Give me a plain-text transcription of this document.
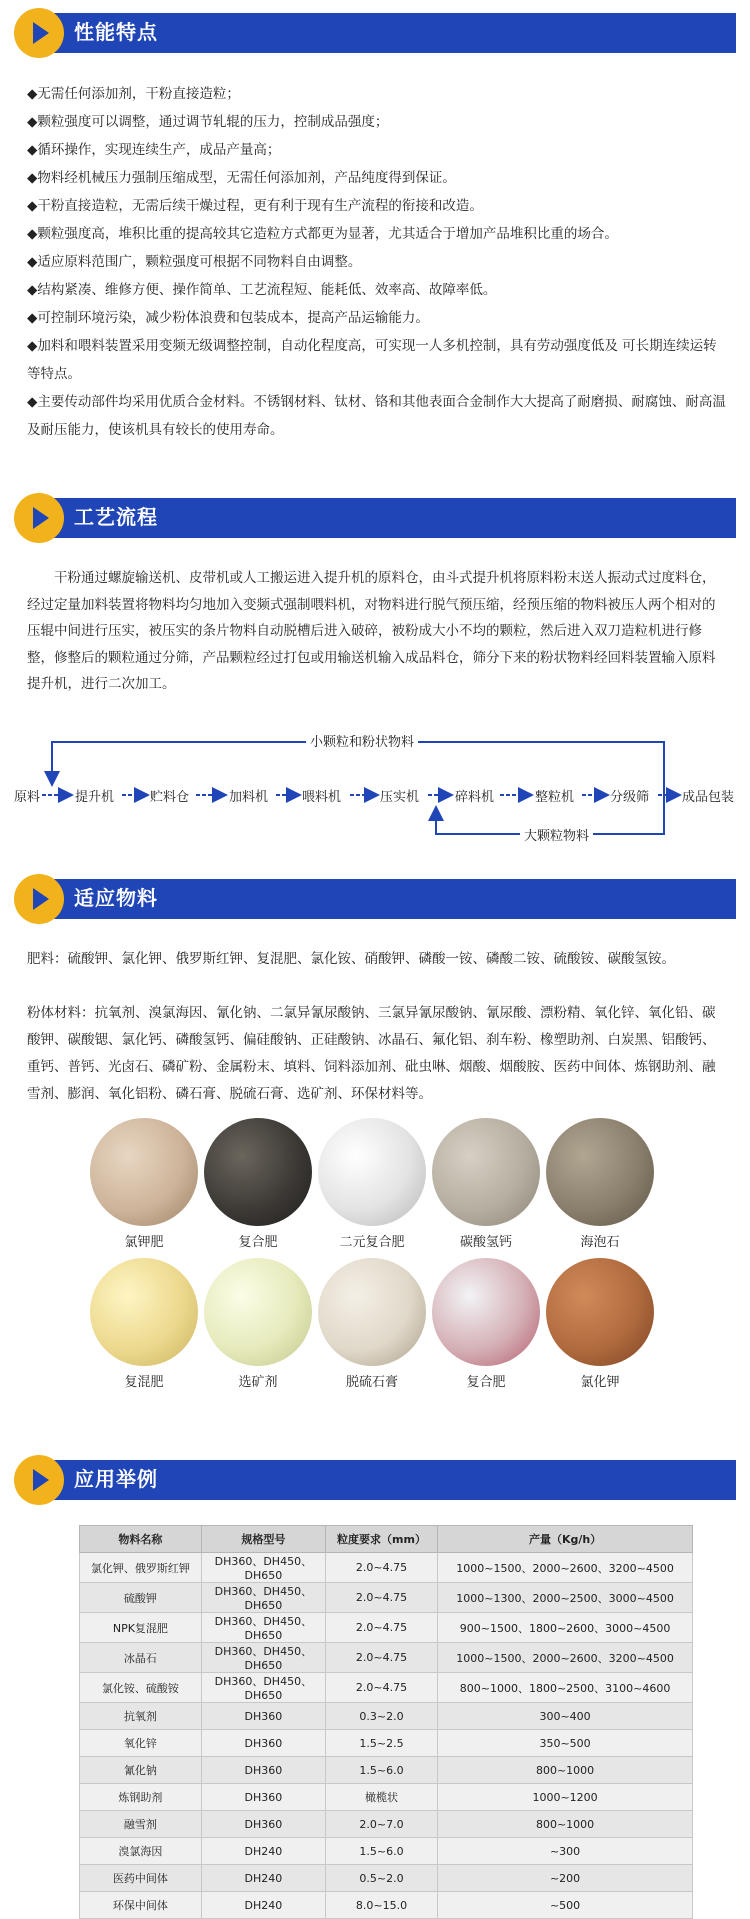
性能特点

◆无需任何添加剂，干粉直接造粒；

◆颗粒强度可以调整，通过调节轧辊的压力，控制成品强度；

◆循环操作，实现连续生产，成品产量高；

◆物料经机械压力强制压缩成型，无需任何添加剂，产品纯度得到保证。

◆干粉直接造粒，无需后续干燥过程，更有利于现有生产流程的衔接和改造。

◆颗粒强度高，堆积比重的提高较其它造粒方式都更为显著，尤其适合于增加产品堆积比重的场合。

◆适应原料范围广，颗粒强度可根据不同物料自由调整。

◆结构紧凑、维修方便、操作简单、工艺流程短、能耗低、效率高、故障率低。

◆可控制环境污染，减少粉体浪费和包装成本，提高产品运输能力。

◆加料和喂料装置采用变频无级调整控制，自动化程度高，可实现一人多机控制，具有劳动强度低及 可长期连续运转等特点。

◆主要传动部件均采用优质合金材料。不锈钢材料、钛材、铬和其他表面合金制作大大提高了耐磨损、耐腐蚀、耐高温及耐压能力，使该机具有较长的使用寿命。

工艺流程

干粉通过螺旋输送机、皮带机或人工搬运进入提升机的原料仓，由斗式提升机将原料粉末送人振动式过度料仓，经过定量加料装置将物料均匀地加入变频式强制喂料机，对物料进行脱气预压缩，经预压缩的物料被压人两个相对的压辊中间进行压实，被压实的条片物料自动脱槽后进入破碎，被粉成大小不均的颗粒，然后进入双刀造粒机进行修整，修整后的颗粒通过分筛，产品颗粒经过打包或用输送机输入成品料仓，筛分下来的粉状物料经回料装置输入原料提升机，进行二次加工。

小颗粒和粉状物料
大颗粒物料
原料	提升机	贮料仓	加料机	喂料机	压实机	碎料机	整粒机	分级筛	成品包装
适应物料

肥料：硫酸钾、氯化钾、俄罗斯红钾、复混肥、氯化铵、硝酸钾、磷酸一铵、磷酸二铵、硫酸铵、碳酸氢铵。

粉体材料：抗氧剂、溴氯海因、氰化钠、二氯异氰尿酸钠、三氯异氰尿酸钠、氰尿酸、漂粉精、氧化锌、氧化铅、碳酸钾、碳酸锶、氯化钙、磷酸氢钙、偏硅酸钠、正硅酸钠、冰晶石、氟化铝、刹车粉、橡塑助剂、白炭黑、铝酸钙、重钙、普钙、光卤石、磷矿粉、金属粉末、填料、饲料添加剂、砒虫啉、烟酸、烟酸胺、医药中间体、炼钢助剂、融雪剂、膨润、氧化铝粉、磷石膏、脱硫石膏、选矿剂、环保材料等。

氯钾肥	复合肥	二元复合肥	碳酸氢钙	海泡石
复混肥	选矿剂	脱硫石膏	复合肥	氯化钾
应用举例
物料名称	规格型号	粒度要求（mm）	产量（Kg/h）
氯化钾、俄罗斯红钾	DH360、DH450、DH650	2.0~4.75	1000~1500、2000~2600、3200~4500
硫酸钾	DH360、DH450、DH650	2.0~4.75	1000~1300、2000~2500、3000~4500
NPK复混肥	DH360、DH450、DH650	2.0~4.75	900~1500、1800~2600、3000~4500
冰晶石	DH360、DH450、DH650	2.0~4.75	1000~1500、2000~2600、3200~4500
氯化铵、硫酸铵	DH360、DH450、DH650	2.0~4.75	800~1000、1800~2500、3100~4600
抗氧剂	DH360	0.3~2.0	300~400
氧化锌	DH360	1.5~2.5	350~500
氰化钠	DH360	1.5~6.0	800~1000
炼钢助剂	DH360	橄榄状	1000~1200
融雪剂	DH360	2.0~7.0	800~1000
溴氯海因	DH240	1.5~6.0	~300
医药中间体	DH240	0.5~2.0	~200
环保中间体	DH240	8.0~15.0	~500
